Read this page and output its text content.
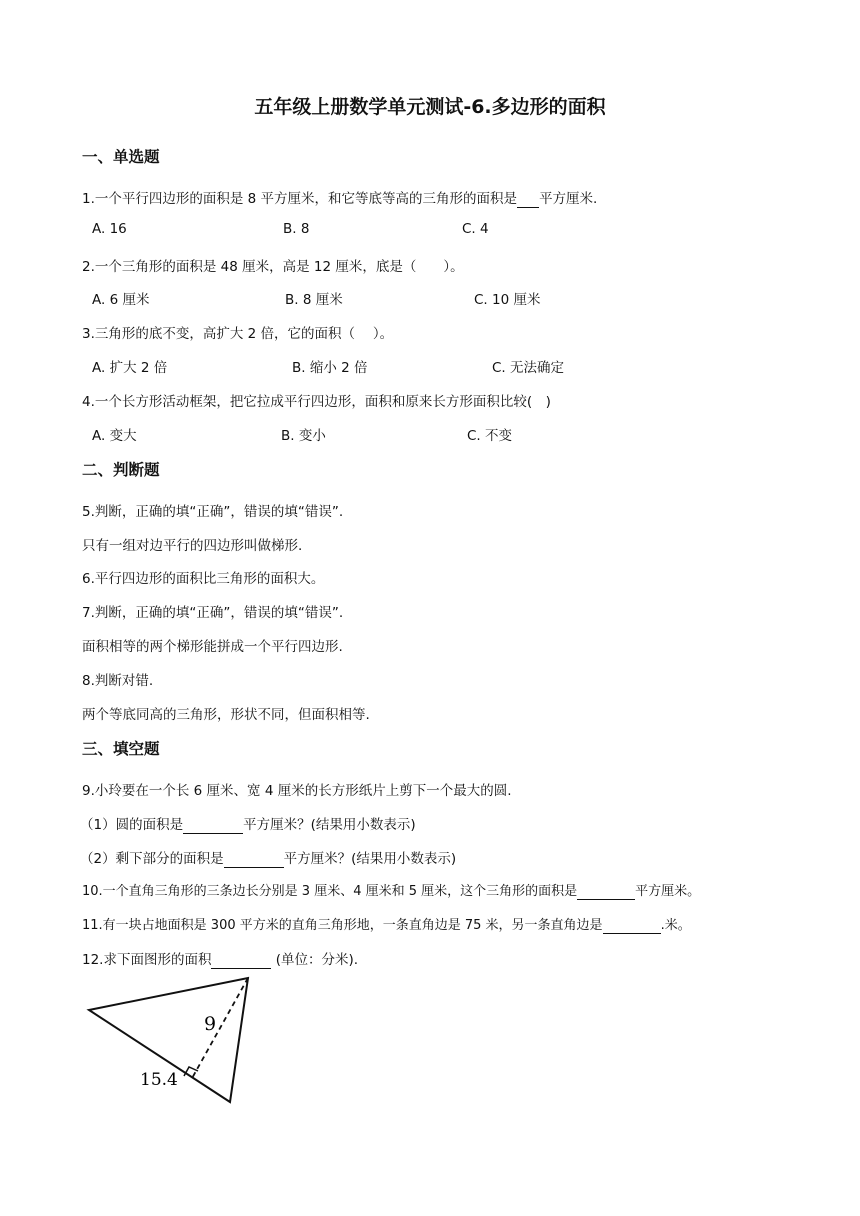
五年级上册数学单元测试-6.多边形的面积
一、单选题
1.一个平行四边形的面积是 8 平方厘米，和它等底等高的三角形的面积是 平方厘米.
A. 16	B. 8	C. 4
2.一个三角形的面积是 48 厘米，高是 12 厘米，底是（　　）。
A. 6 厘米	B. 8 厘米	C. 10 厘米
3.三角形的底不变，高扩大 2 倍，它的面积（　 ）。
A. 扩大 2 倍	B. 缩小 2 倍	C. 无法确定
4.一个长方形活动框架，把它拉成平行四边形，面积和原来长方形面积比较(　)
A. 变大	B. 变小	C. 不变
二、判断题
5.判断，正确的填“正确”，错误的填“错误”.
只有一组对边平行的四边形叫做梯形.
6.平行四边形的面积比三角形的面积大。
7.判断，正确的填“正确”，错误的填“错误”.
面积相等的两个梯形能拼成一个平行四边形.
8.判断对错.
两个等底同高的三角形，形状不同，但面积相等.
三、填空题
9.小玲要在一个长 6 厘米、宽 4 厘米的长方形纸片上剪下一个最大的圆.
（1）圆的面积是	平方厘米？(结果用小数表示)
（2）剩下部分的面积是	平方厘米？(结果用小数表示)
10.一个直角三角形的三条边长分别是 3 厘米、4 厘米和 5 厘米，这个三角形的面积是	平方厘米。
11.有一块占地面积是 300 平方米的直角三角形地，一条直角边是 75 米，另一条直角边是	.米。
12.求下面图形的面积	(单位：分米).
9
15.4
